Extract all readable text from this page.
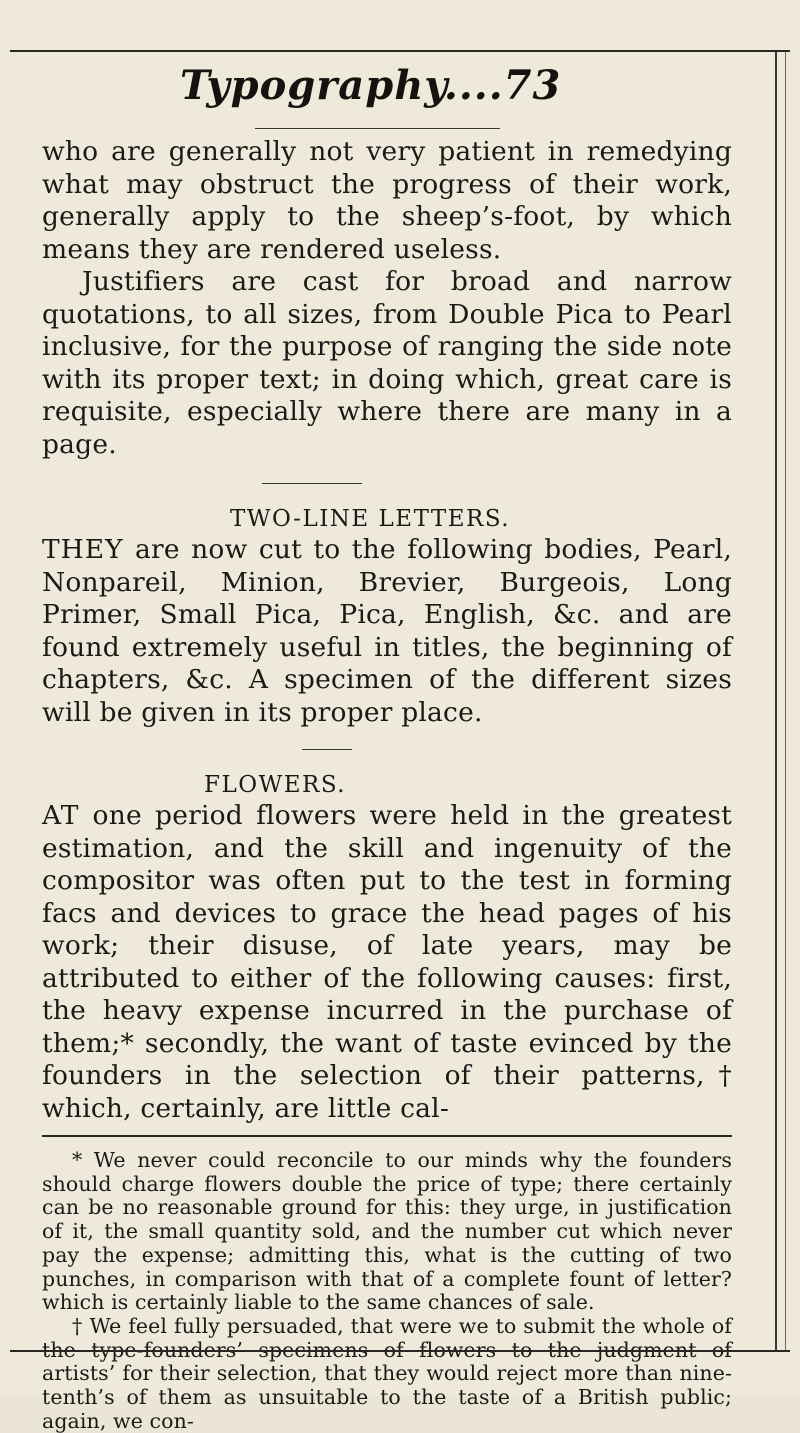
Typography....73

who are generally not very patient in remedying what may obstruct the progress of their work, generally apply to the sheep’s-foot, by which means they are rendered useless.

Justifiers are cast for broad and narrow quotations, to all sizes, from Double Pica to Pearl inclusive, for the purpose of ranging the side note with its proper text; in doing which, great care is requisite, especially where there are many in a page.

TWO-LINE LETTERS.

THEY are now cut to the following bodies, Pearl, Nonpareil, Minion, Brevier, Burgeois, Long Primer, Small Pica, Pica, English, &c. and are found extremely useful in titles, the beginning of chapters, &c. A specimen of the different sizes will be given in its proper place.

FLOWERS.

AT one period flowers were held in the greatest estimation, and the skill and ingenuity of the compositor was often put to the test in forming facs and devices to grace the head pages of his work; their disuse, of late years, may be attributed to either of the following causes: first, the heavy expense incurred in the purchase of them;* secondly, the want of taste evinced by the founders in the selection of their patterns,† which, certainly, are little cal-

* We never could reconcile to our minds why the founders should charge flowers double the price of type; there certainly can be no reasonable ground for this: they urge, in justification of it, the small quantity sold, and the number cut which never pay the expense; admitting this, what is the cutting of two punches, in comparison with that of a complete fount of letter? which is certainly liable to the same chances of sale.

† We feel fully persuaded, that were we to submit the whole of the type-founders’ specimens of flowers to the judgment of artists’ for their selection, that they would reject more than nine-tenth’s of them as unsuitable to the taste of a British public; again, we con-
